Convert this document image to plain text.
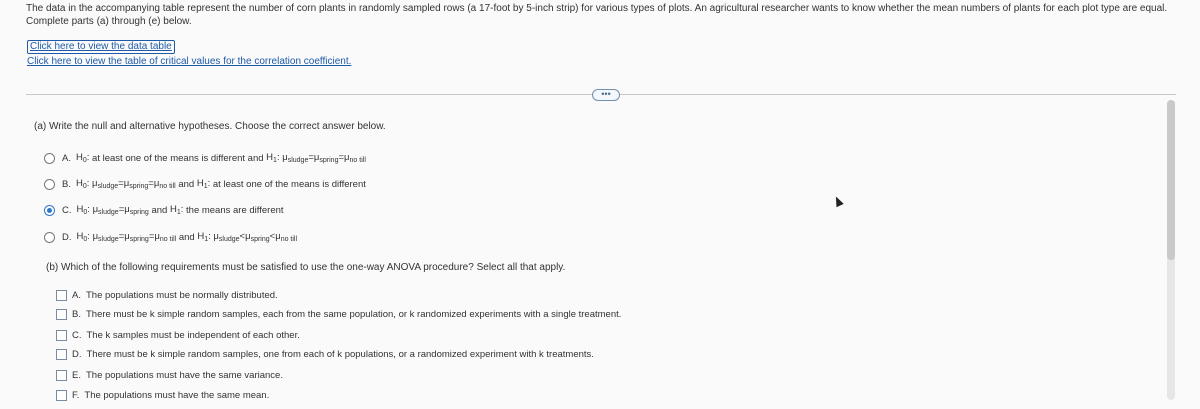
The data in the accompanying table represent the number of corn plants in randomly sampled rows (a 17-foot by 5-inch strip) for various types of plots. An agricultural researcher wants to know whether the mean numbers of plants for each plot type are equal. Complete parts (a) through (e) below.
Click here to view the data table
Click here to view the table of critical values for the correlation coefficient.
•••
(a) Write the null and alternative hypotheses. Choose the correct answer below.
A. $H_0$:
at least one of the means is different
and
$H_1$:
$\mu_{sludge}=\mu_{spring}=\mu_{no till}$
B. $H_0$:
$\mu_{sludge}=\mu_{spring}=\mu_{no till}$
and
$H_1$:
at least one of the means is different
C. $H_0$:
$\mu_{sludge}=\mu_{spring}$
and
$H_1$:
the means are different
D. $H_0$:
$\mu_{sludge}=\mu_{spring}=\mu_{no till}$
and
$H_1$:
$\mu_{sludge}<\mu_{spring}<\mu_{no till}$
(b) Which of the following requirements must be satisfied to use the one-way ANOVA procedure? Select all that apply.
A. The populations must be normally distributed.
B. There must be k simple random samples, each from the same population, or k randomized experiments with a single treatment.
C. The k samples must be independent of each other.
D. There must be k simple random samples, one from each of k populations, or a randomized experiment with k treatments.
E. The populations must have the same variance.
F. The populations must have the same mean.
